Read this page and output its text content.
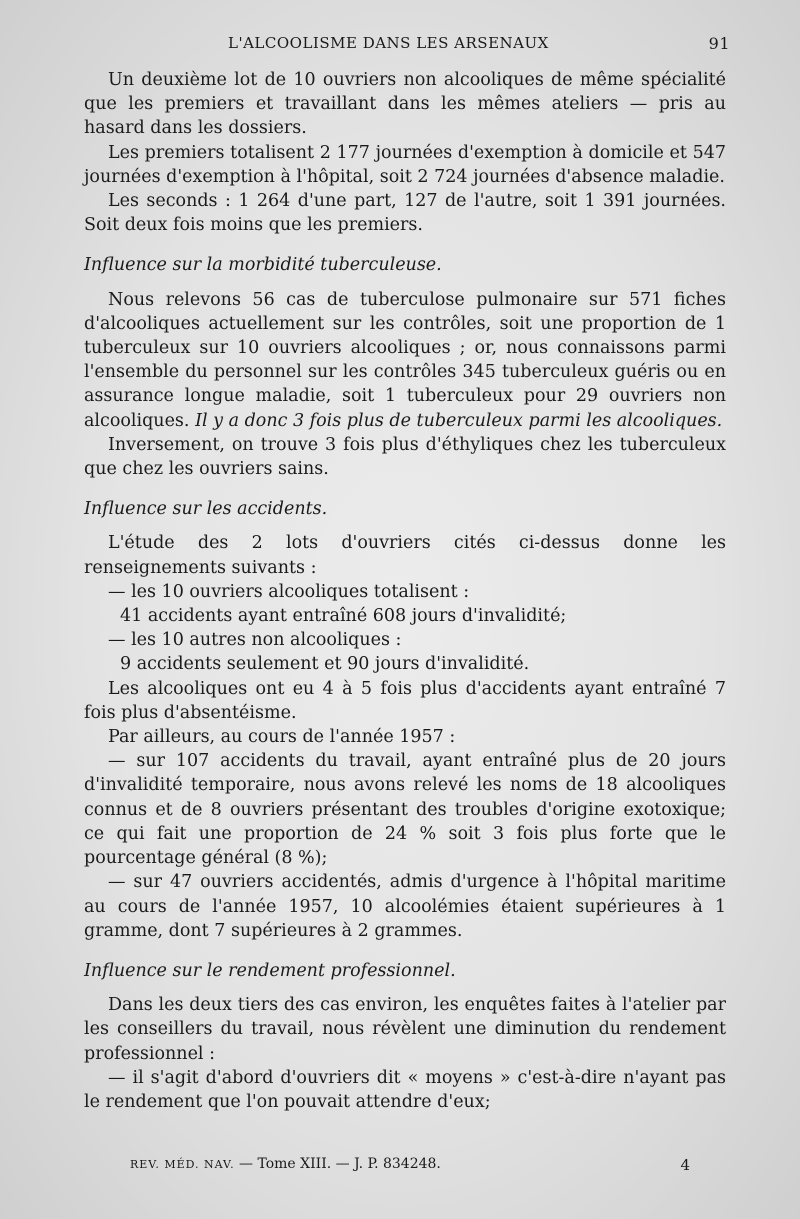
L'ALCOOLISME DANS LES ARSENAUX	91

Un deuxième lot de 10 ouvriers non alcooliques de même spécialité que les premiers et travaillant dans les mêmes ateliers — pris au hasard dans les dossiers.

Les premiers totalisent 2 177 journées d'exemption à domicile et 547 journées d'exemption à l'hôpital, soit 2 724 journées d'absence maladie.

Les seconds : 1 264 d'une part, 127 de l'autre, soit 1 391 journées. Soit deux fois moins que les premiers.

Influence sur la morbidité tuberculeuse.

Nous relevons 56 cas de tuberculose pulmonaire sur 571 fiches d'alcooliques actuellement sur les contrôles, soit une proportion de 1 tuberculeux sur 10 ouvriers alcooliques ; or, nous connaissons parmi l'ensemble du personnel sur les contrôles 345 tuberculeux guéris ou en assurance longue maladie, soit 1 tuberculeux pour 29 ouvriers non alcooliques. Il y a donc 3 fois plus de tuberculeux parmi les alcooliques.

Inversement, on trouve 3 fois plus d'éthyliques chez les tuberculeux que chez les ouvriers sains.

Influence sur les accidents.

L'étude des 2 lots d'ouvriers cités ci-dessus donne les renseignements suivants :

— les 10 ouvriers alcooliques totalisent :

41 accidents ayant entraîné 608 jours d'invalidité;

— les 10 autres non alcooliques :

9 accidents seulement et 90 jours d'invalidité.

Les alcooliques ont eu 4 à 5 fois plus d'accidents ayant entraîné 7 fois plus d'absentéisme.

Par ailleurs, au cours de l'année 1957 :

— sur 107 accidents du travail, ayant entraîné plus de 20 jours d'invalidité temporaire, nous avons relevé les noms de 18 alcooliques connus et de 8 ouvriers présentant des troubles d'origine exotoxique; ce qui fait une proportion de 24 % soit 3 fois plus forte que le pourcentage général (8 %);

— sur 47 ouvriers accidentés, admis d'urgence à l'hôpital maritime au cours de l'année 1957, 10 alcoolémies étaient supérieures à 1 gramme, dont 7 supérieures à 2 grammes.

Influence sur le rendement professionnel.

Dans les deux tiers des cas environ, les enquêtes faites à l'atelier par les conseillers du travail, nous révèlent une diminution du rendement professionnel :

— il s'agit d'abord d'ouvriers dit « moyens » c'est-à-dire n'ayant pas le rendement que l'on pouvait attendre d'eux;

REV. MÉD. NAV. — Tome XIII. — J. P. 834248.	4
